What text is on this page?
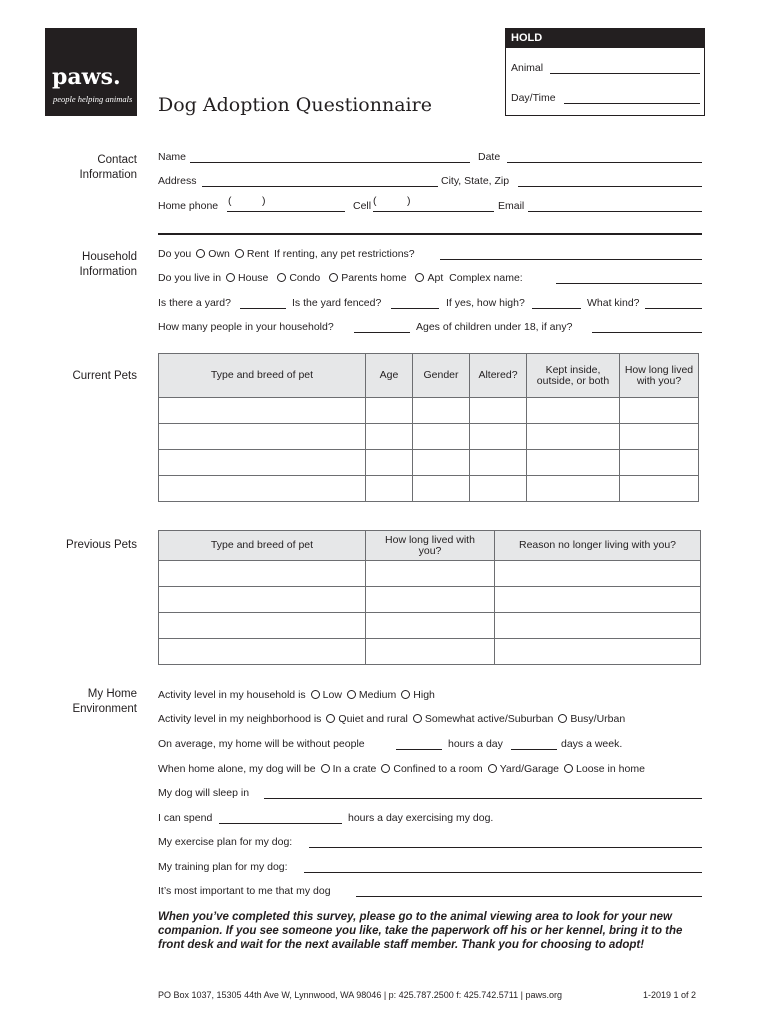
paws.
people helping animals Dog Adoption Questionnaire
HOLD
Animal
Day/Time
Contact Information
Household Information
Current Pets
Previous Pets
My Home Environment
Name	Date
Address	City, State, Zip
Home phone (	)	Cell (	)	Email
Do you Own Rent If renting, any pet restrictions?
Do you live in House Condo Parents home Apt Complex name:
Is there a yard?	Is the yard fenced?	If yes, how high?	What kind?
How many people in your household?	Ages of children under 18, if any?
Type and breed of pet	Age	Gender	Altered?	Kept inside, outside, or both	How long lived with you?

Type and breed of pet	How long lived with you?	Reason no longer living with you?

Activity level in my household is Low Medium High
Activity level in my neighborhood is Quiet and rural Somewhat active/Suburban Busy/Urban
On average, my home will be without people	hours a day	days a week.
When home alone, my dog will be In a crate Confined to a room Yard/Garage Loose in home
My dog will sleep in
I can spend	hours a day exercising my dog.
My exercise plan for my dog:
My training plan for my dog:
It’s most important to me that my dog
When you’ve completed this survey, please go to the animal viewing area to look for your new companion. If you see someone you like, take the paperwork off his or her kennel, bring it to the front desk and wait for the next available staff member. Thank you for choosing to adopt!
PO Box 1037, 15305 44th Ave W, Lynnwood, WA 98046 | p: 425.787.2500 f: 425.742.5711 | paws.org	1-2019 1 of 2
